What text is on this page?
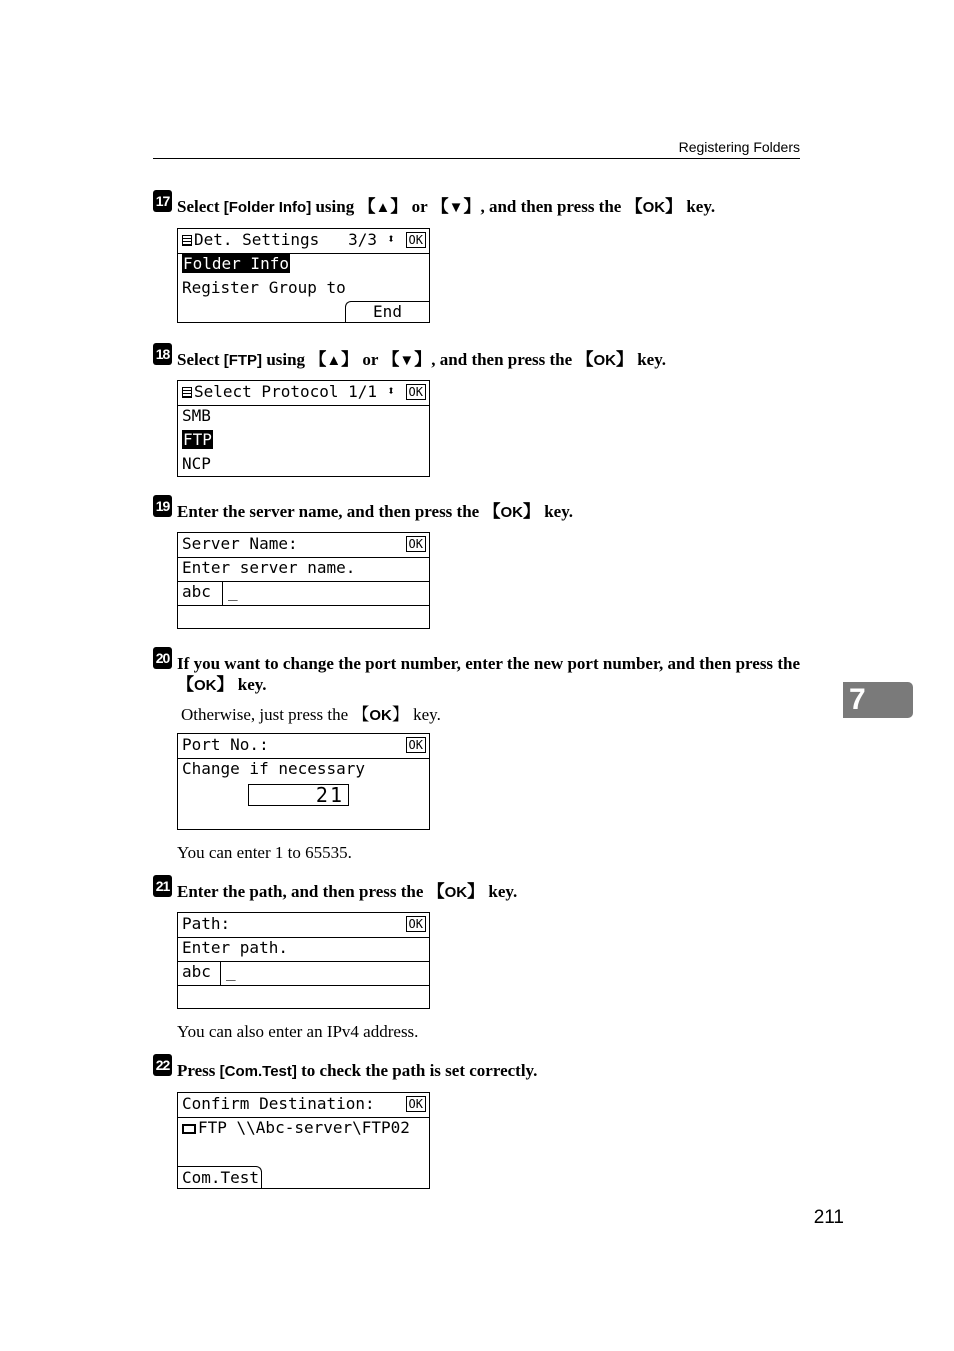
Registering Folders
17 Select [Folder Info] using 【▲】 or 【▼】, and then press the 【OK】 key.
Det. Settings   3/3 ⬍ OK
Folder Info
Register Group to
End
18 Select [FTP] using 【▲】 or 【▼】, and then press the 【OK】 key.
Select Protocol 1/1 ⬍ OK
SMB
FTP
NCP
19 Enter the server name, and then press the 【OK】 key.
Server Name:	OK
Enter server name.
abc _
20 If you want to change the port number, enter the new port number, and then press the 【OK】 key.
Otherwise, just press the 【OK】 key.
Port No.:	OK
Change if necessary
21
You can enter 1 to 65535.
21 Enter the path, and then press the 【OK】 key.
Path:	OK
Enter path.
abc _
You can also enter an IPv4 address.
22 Press [Com.Test] to check the path is set correctly.
Confirm Destination:	OK
FTP \\Abc-server\FTP02
Com.Test
7
211
